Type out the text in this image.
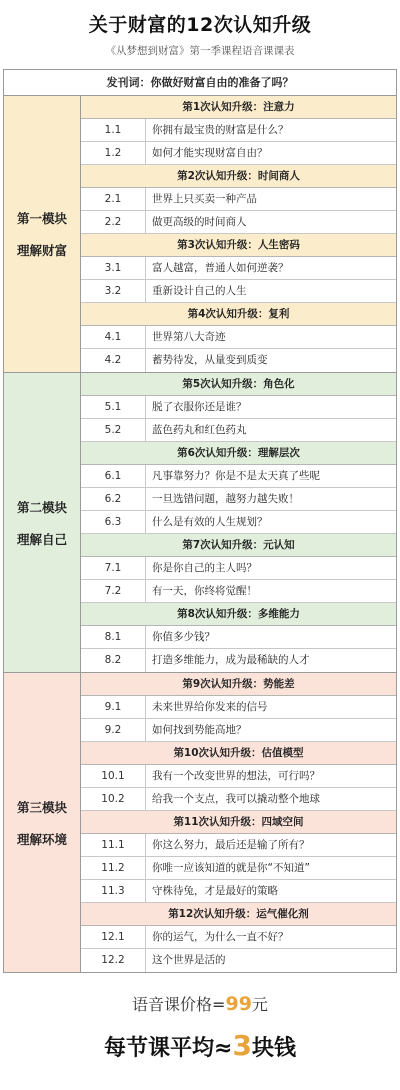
关于财富的12次认知升级
《从梦想到财富》第一季课程语音课课表
发刊词：你做好财富自由的准备了吗？
第一模块
理解财富
第1次认知升级：注意力
1.1	你拥有最宝贵的财富是什么？
1.2	如何才能实现财富自由？
第2次认知升级：时间商人
2.1	世界上只买卖一种产品
2.2	做更高级的时间商人
第3次认知升级：人生密码
3.1	富人越富，普通人如何逆袭？
3.2	重新设计自己的人生
第4次认知升级：复利
4.1	世界第八大奇迹
4.2	蓄势待发，从量变到质变
第二模块
理解自己
第5次认知升级：角色化
5.1	脱了衣服你还是谁？
5.2	蓝色药丸和红色药丸
第6次认知升级：理解层次
6.1	凡事靠努力？你是不是太天真了些呢
6.2	一旦选错问题，越努力越失败！
6.3	什么是有效的人生规划？
第7次认知升级：元认知
7.1	你是你自己的主人吗？
7.2	有一天，你终将觉醒！
第8次认知升级：多维能力
8.1	你值多少钱？
8.2	打造多维能力，成为最稀缺的人才
第三模块
理解环境
第9次认知升级：势能差
9.1	未来世界给你发来的信号
9.2	如何找到势能高地？
第10次认知升级：估值模型
10.1	我有一个改变世界的想法，可行吗？
10.2	给我一个支点，我可以撬动整个地球
第11次认知升级：四域空间
11.1	你这么努力，最后还是输了所有？
11.2	你唯一应该知道的就是你“不知道”
11.3	守株待兔，才是最好的策略
第12次认知升级：运气催化剂
12.1	你的运气，为什么一直不好？
12.2	这个世界是活的
语音课价格=99元
每节课平均≈3块钱
